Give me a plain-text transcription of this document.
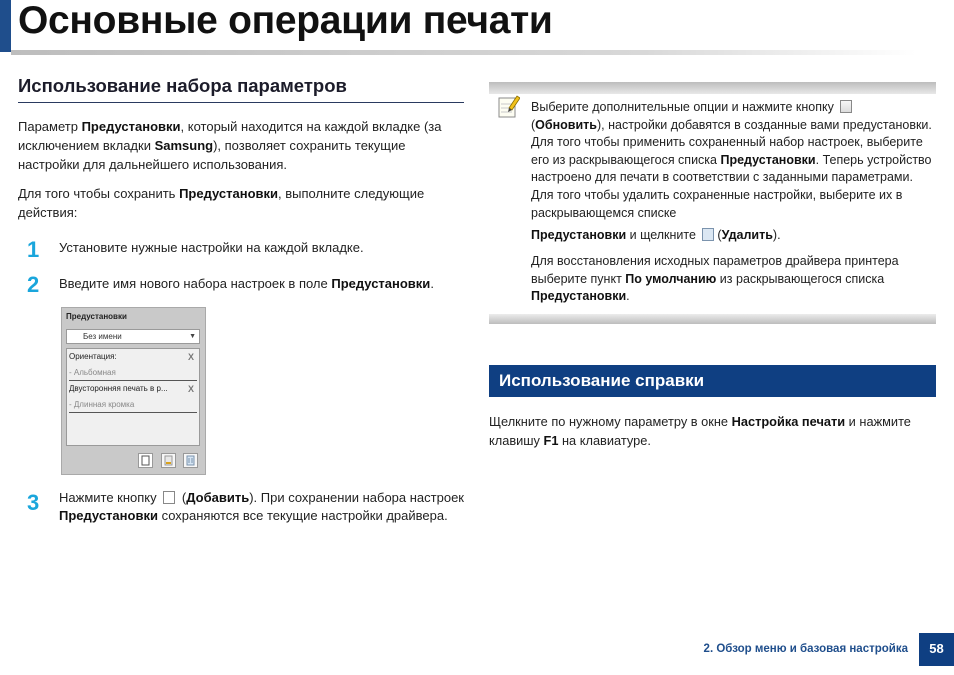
Основные операции печати
Использование набора параметров

Параметр Предустановки, который находится на каждой вкладке (за исключением вкладки Samsung), позволяет сохранить текущие настройки для дальнейшего использования.

Для того чтобы сохранить Предустановки, выполните следующие действия:

1 Установите нужные настройки на каждой вкладке.

2 Введите имя нового набора настроек в поле Предустановки.

Предустановки
Без имени	▼
Ориентация:	X
- Альбомная
Двусторонняя печать в р... X
- Длинная кромка
3 Нажмите кнопку  (Добавить). При сохранении набора настроек Предустановки сохраняются все текущие настройки драйвера.

Выберите дополнительные опции и нажмите кнопку
(Обновить), настройки добавятся в созданные вами предустановки. Для того чтобы применить сохраненный набор настроек, выберите его из раскрывающегося списка Предустановки. Теперь устройство настроено для печати в соответствии с заданными параметрами. Для того чтобы удалить сохраненные настройки, выберите их в раскрывающемся списке

Предустановки и щелкните (Удалить).

Для восстановления исходных параметров драйвера принтера выберите пункт По умолчанию из раскрывающегося списка Предустановки.

Использование справки

Щелкните по нужному параметру в окне Настройка печати и нажмите клавишу F1 на клавиатуре.

2. Обзор меню и базовая настройка	58
